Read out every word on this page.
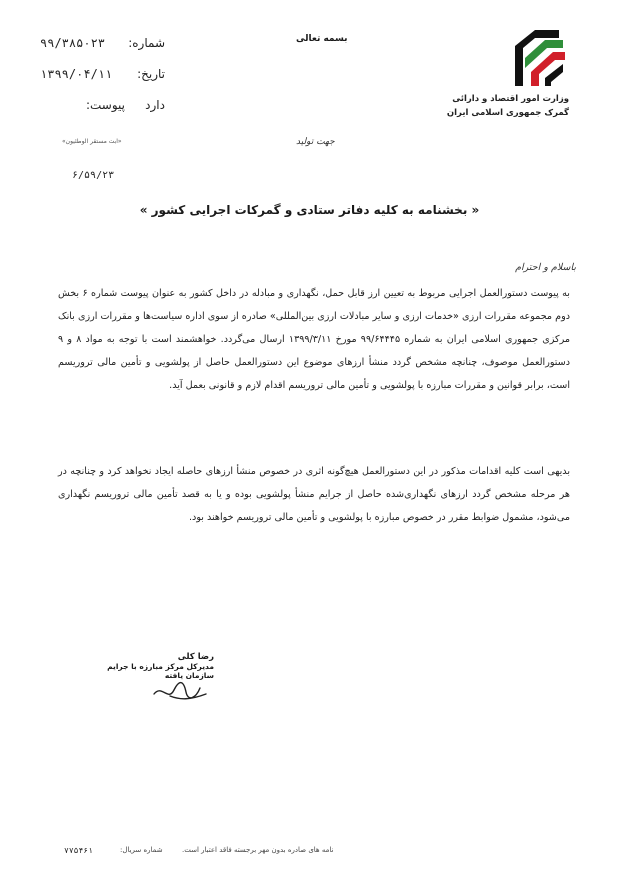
بسمه تعالی
شماره:
۹۹/۳۸۵۰۲۳
تاریخ:
۱۳۹۹/۰۴/۱۱
پیوست: دارد
«ابت مستقر الوطئیون»
۶/۵۹/۲۳
وزارت امور اقتصاد و دارائی
گمرک جمهوری اسلامی ایران
جهت تولید
« بخشنامه به کلیه دفاتر ستادی و گمرکات اجرایی کشور »
باسلام و احترام
به پیوست دستورالعمل اجرایی مربوط به تعیین ارز قابل حمل، نگهداری و مبادله در داخل کشور به عنوان پیوست شماره ۶ بخش دوم مجموعه مقررات ارزی «خدمات ارزی و سایر مبادلات ارزی بین‌المللی» صادره از سوی اداره سیاست‌ها و مقررات ارزی بانک مرکزی جمهوری اسلامی ایران به شماره ۹۹/۶۴۴۴۵ مورخ ۱۳۹۹/۳/۱۱ ارسال می‌گردد. خواهشمند است با توجه به مواد ۸ و ۹ دستورالعمل موصوف، چنانچه مشخص گردد منشأ ارزهای موضوع این دستورالعمل حاصل از پولشویی و تأمین مالی تروریسم است، برابر قوانین و مقررات مبارزه با پولشویی و تأمین مالی تروریسم اقدام لازم و قانونی بعمل آید.
بدیهی است کلیه اقدامات مذکور در این دستورالعمل هیچ‌گونه اثری در خصوص منشأ ارزهای حاصله ایجاد نخواهد کرد و چنانچه در هر مرحله مشخص گردد ارزهای نگهداری‌شده حاصل از جرایم منشأ پولشویی بوده و یا به قصد تأمین مالی تروریسم نگهداری می‌شود، مشمول ضوابط مقرر در خصوص مبارزه با پولشویی و تأمین مالی تروریسم خواهند بود.
رضا کلی
مدیرکل مرکز مبارزه با جرایم سازمان یافته
۷۷۵۴۶۱	شماره سریال:	نامه های صادره بدون مهر برجسته فاقد اعتبار است.
